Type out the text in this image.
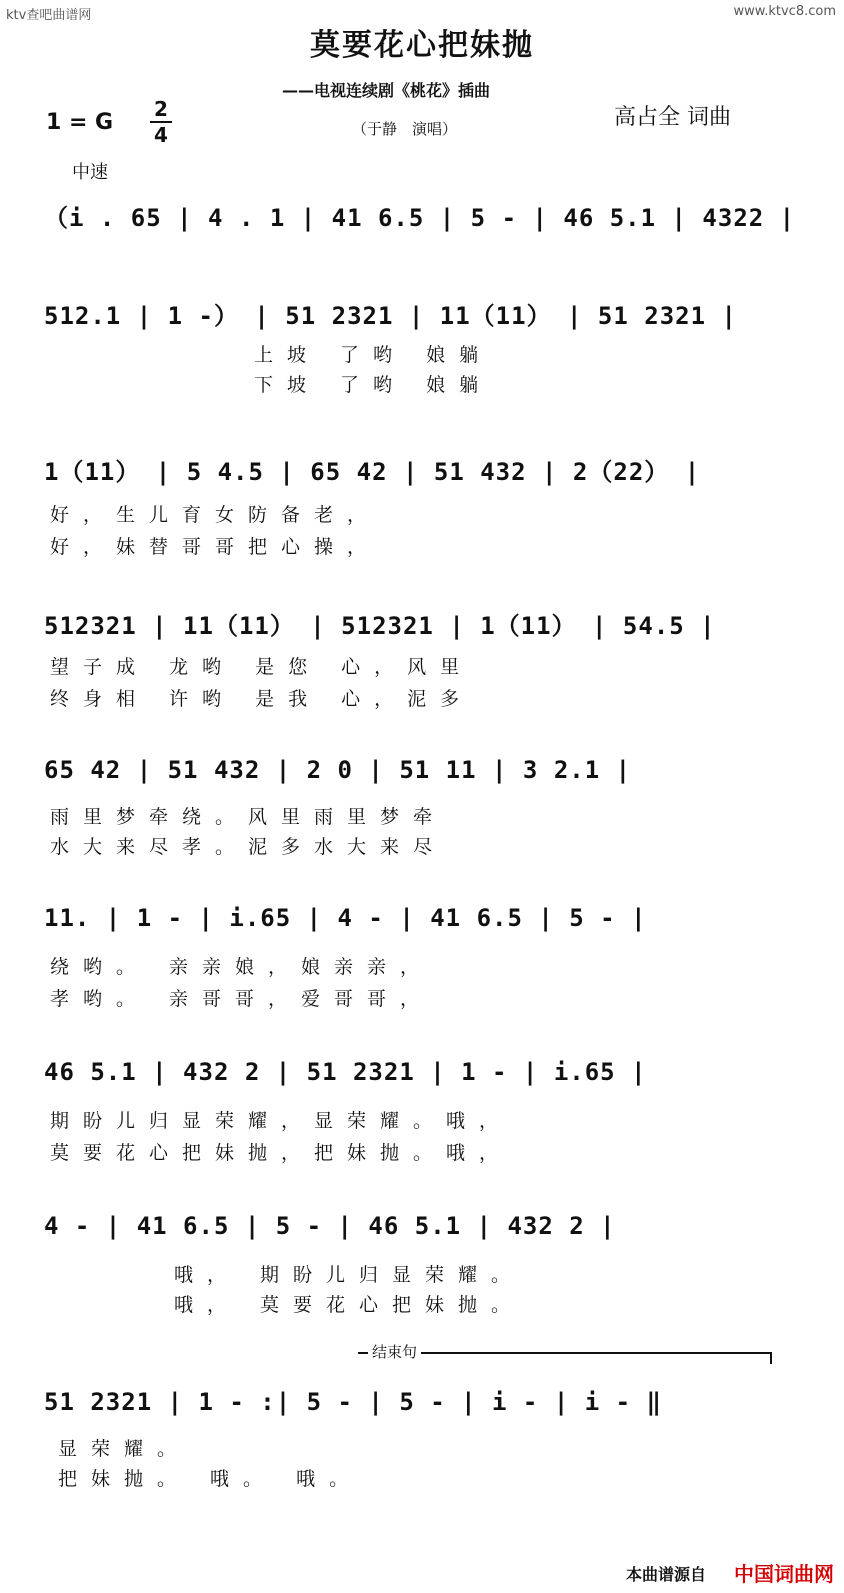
ktv查吧曲谱网	www.ktvc8.com
莫要花心把妹抛
——电视连续剧《桃花》插曲
1 = G
2
4	（于静　演唱）	高占全 词曲
中速
（i . 65 | 4 . 1 | 41 6.5 | 5 - | 46 5.1 | 4322 |
512.1 | 1 -） | 51 2321 | 11（11） | 51 2321 |
上坡 了哟 娘躺
下坡 了哟 娘躺
1（11） | 5 4.5 | 65 42 | 51 432 | 2（22） |
好，生儿育女防备老，
好，妹替哥哥把心操，
512321 | 11（11） | 512321 | 1（11） | 54.5 |
望子成 龙哟 是您 心，风里
终身相 许哟 是我 心，泥多
65 42 | 51 432 | 2 0 | 51 11 | 3 2.1 |
雨里梦牵绕。风里雨里梦牵
水大来尽孝。泥多水大来尽
11. | 1 - | i.65 | 4 - | 41 6.5 | 5 - |
绕哟。 亲亲娘，娘亲亲，
孝哟。 亲哥哥，爱哥哥，
46 5.1 | 432 2 | 51 2321 | 1 - | i.65 |
期盼儿归显荣耀，显荣耀。哦，
莫要花心把妹抛，把妹抛。哦，
4 - | 41 6.5 | 5 - | 46 5.1 | 432 2 |
哦， 期盼儿归显荣耀。
哦， 莫要花心把妹抛。
结束句
51 2321 | 1 - :| 5 - | 5 - | i - | i - ‖
显荣耀。
把妹抛。 哦。 哦。
本曲谱源自 中国词曲网
